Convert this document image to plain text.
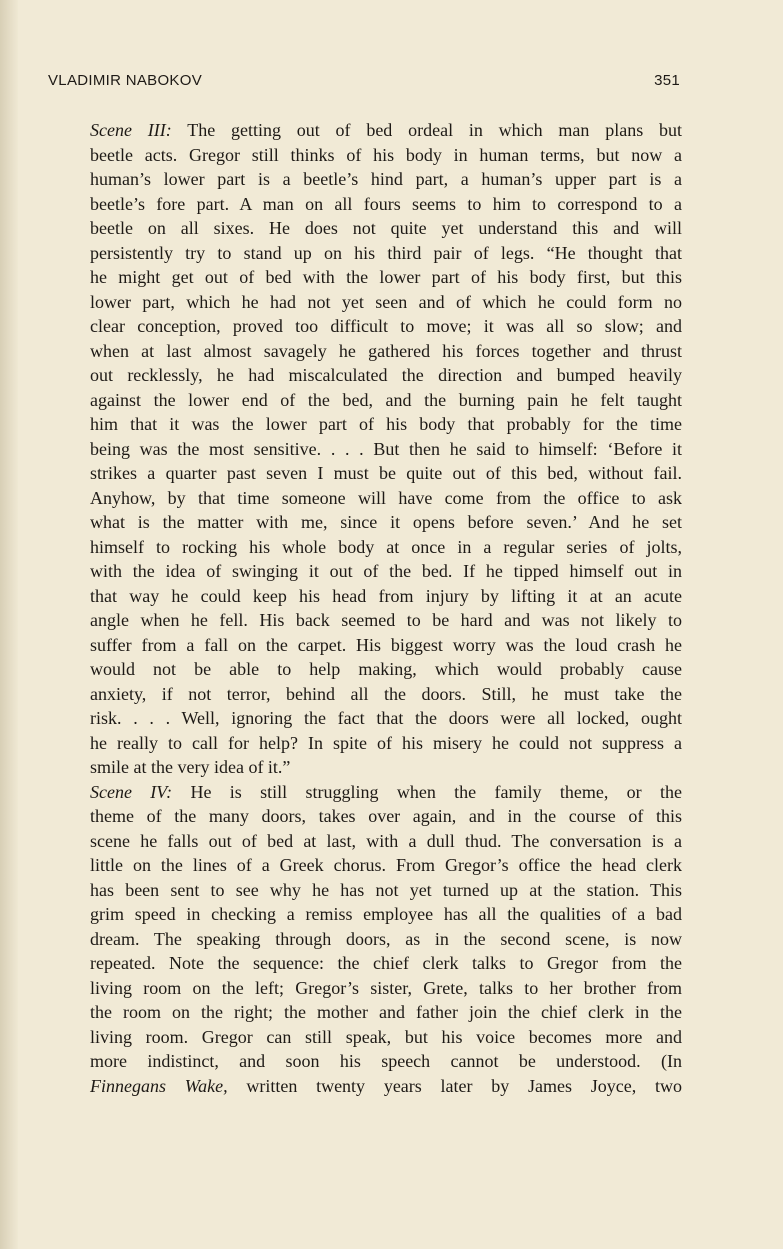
VLADIMIR NABOKOV	351

Scene III: The getting out of bed ordeal in which man plans but
beetle acts. Gregor still thinks of his body in human terms, but now a
human’s lower part is a beetle’s hind part, a human’s upper part is a
beetle’s fore part. A man on all fours seems to him to correspond to a
beetle on all sixes. He does not quite yet understand this and will
persistently try to stand up on his third pair of legs. “He thought that
he might get out of bed with the lower part of his body first, but this
lower part, which he had not yet seen and of which he could form no
clear conception, proved too difficult to move; it was all so slow; and
when at last almost savagely he gathered his forces together and thrust
out recklessly, he had miscalculated the direction and bumped heavily
against the lower end of the bed, and the burning pain he felt taught
him that it was the lower part of his body that probably for the time
being was the most sensitive. . . . But then he said to himself: ‘Before it
strikes a quarter past seven I must be quite out of this bed, without fail.
Anyhow, by that time someone will have come from the office to ask
what is the matter with me, since it opens before seven.’ And he set
himself to rocking his whole body at once in a regular series of jolts,
with the idea of swinging it out of the bed. If he tipped himself out in
that way he could keep his head from injury by lifting it at an acute
angle when he fell. His back seemed to be hard and was not likely to
suffer from a fall on the carpet. His biggest worry was the loud crash he
would not be able to help making, which would probably cause
anxiety, if not terror, behind all the doors. Still, he must take the
risk. . . . Well, ignoring the fact that the doors were all locked, ought
he really to call for help? In spite of his misery he could not suppress a
smile at the very idea of it.”

Scene IV: He is still struggling when the family theme, or the
theme of the many doors, takes over again, and in the course of this
scene he falls out of bed at last, with a dull thud. The conversation is a
little on the lines of a Greek chorus. From Gregor’s office the head clerk
has been sent to see why he has not yet turned up at the station. This
grim speed in checking a remiss employee has all the qualities of a bad
dream. The speaking through doors, as in the second scene, is now
repeated. Note the sequence: the chief clerk talks to Gregor from the
living room on the left; Gregor’s sister, Grete, talks to her brother from
the room on the right; the mother and father join the chief clerk in the
living room. Gregor can still speak, but his voice becomes more and
more indistinct, and soon his speech cannot be understood. (In
Finnegans Wake, written twenty years later by James Joyce, two
